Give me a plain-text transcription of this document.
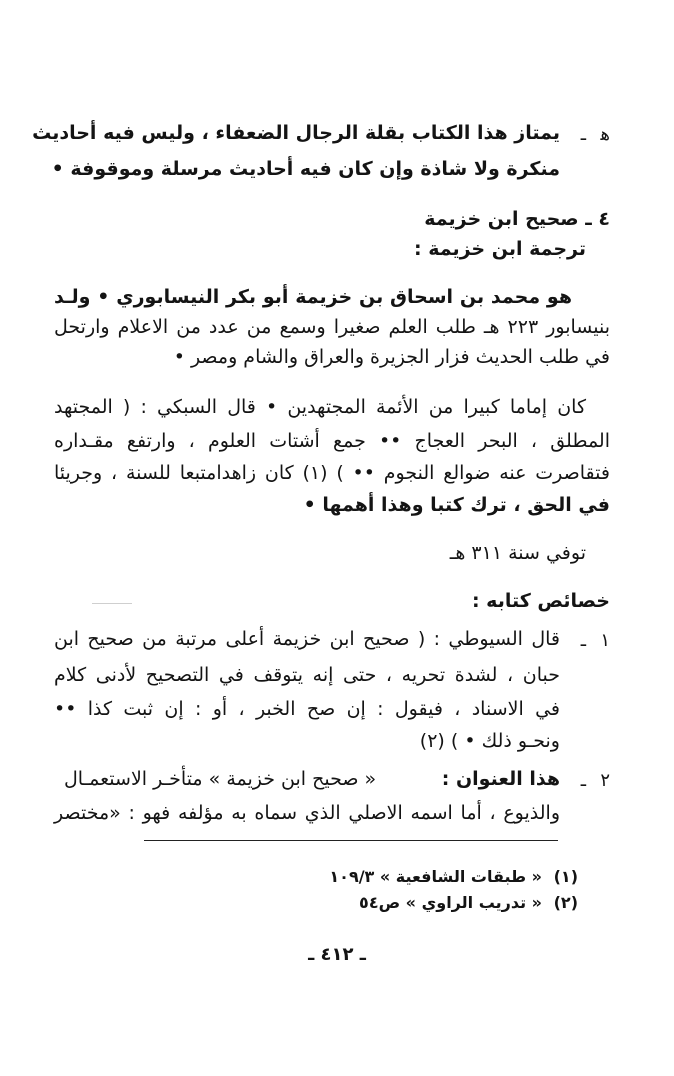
ﻫ
ـ
يمتاز هذا الكتاب بقلة الرجال الضعفاء ، وليس فيه أحاديث
منكرة ولا شاذة وإن كان فيه أحاديث مرسلة وموقوفة •
٤ ـ صحيح ابن خزيمة
ترجمة ابن خزيمة :
هو محمد بن اسحاق بن خزيمة أبو بكر النيسابوري • ولـد
بنيسابور ٢٢٣ هـ طلب العلم صغيرا وسمع من عدد من الاعلام وارتحل
في طلب الحديث فزار الجزيرة والعراق والشام ومصر •
كان إماما كبيرا من الأئمة المجتهدين • قال السبكي : ( المجتهد
المطلق ، البحر العجاج •• جمع أشتات العلوم ، وارتفع مقـداره
فتقاصرت عنه ضوالع النجوم •• ) (١) كان زاهدامتبعا للسنة ، وجريئا
في الحق ، ترك كتبا وهذا أهمها •
توفي سنة ٣١١ هـ
خصائص كتابه :
١
ـ
قال السيوطي : ( صحيح ابن خزيمة أعلى مرتبة من صحيح ابن
حبان ، لشدة تحريه ، حتى إنه يتوقف في التصحيح لأدنى كلام
في الاسناد ، فيقول : إن صح الخبر ، أو : إن ثبت كذا ••
ونحـو ذلك • ) (٢)
٢
ـ
هذا العنوان :
« صحيح ابن خزيمة » متأخـر الاستعمـال
والذيوع ، أما اسمه الاصلي الذي سماه به مؤلفه فهو : «مختصر
(١)
« طبقات الشافعية » ١٠٩/٣
(٢)
« تدريب الراوي » ص٥٤
ـ ٤١٢ ـ
